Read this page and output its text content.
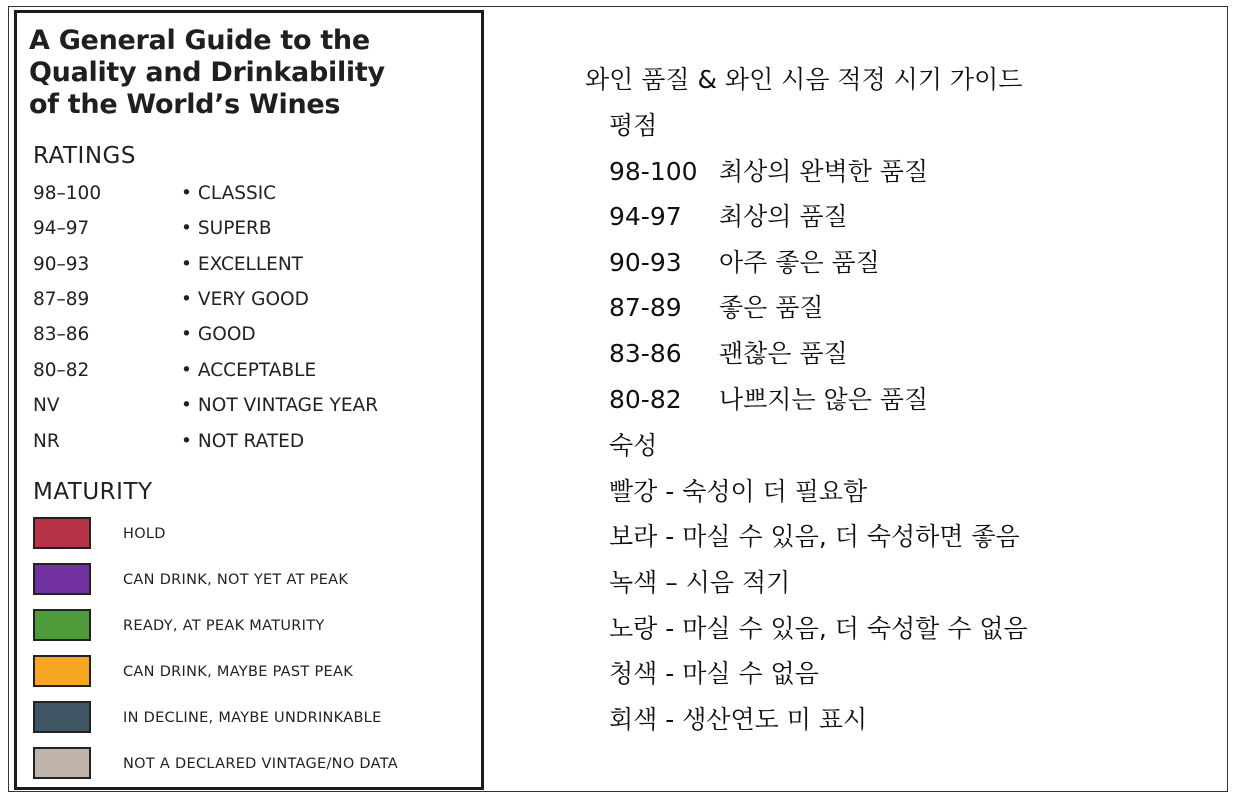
A General Guide to the
Quality and Drinkability
of the World’s Wines
RATINGS
98–100	• CLASSIC
94–97	• SUPERB
90–93	• EXCELLENT
87–89	• VERY GOOD
83–86	• GOOD
80–82	• ACCEPTABLE
NV	• NOT VINTAGE YEAR
NR	• NOT RATED
MATURITY
HOLD
CAN DRINK, NOT YET AT PEAK
READY, AT PEAK MATURITY
CAN DRINK, MAYBE PAST PEAK
IN DECLINE, MAYBE UNDRINKABLE
NOT A DECLARED VINTAGE/NO DATA
와인 품질 & 와인 시음 적정 시기 가이드
평점
98-100 최상의 완벽한 품질
94-97 최상의 품질
90-93 아주 좋은 품질
87-89 좋은 품질
83-86 괜찮은 품질
80-82 나쁘지는 않은 품질
숙성
빨강 - 숙성이 더 필요함
보라 - 마실 수 있음, 더 숙성하면 좋음
녹색 – 시음 적기
노랑 - 마실 수 있음, 더 숙성할 수 없음
청색 - 마실 수 없음
회색 - 생산연도 미 표시
